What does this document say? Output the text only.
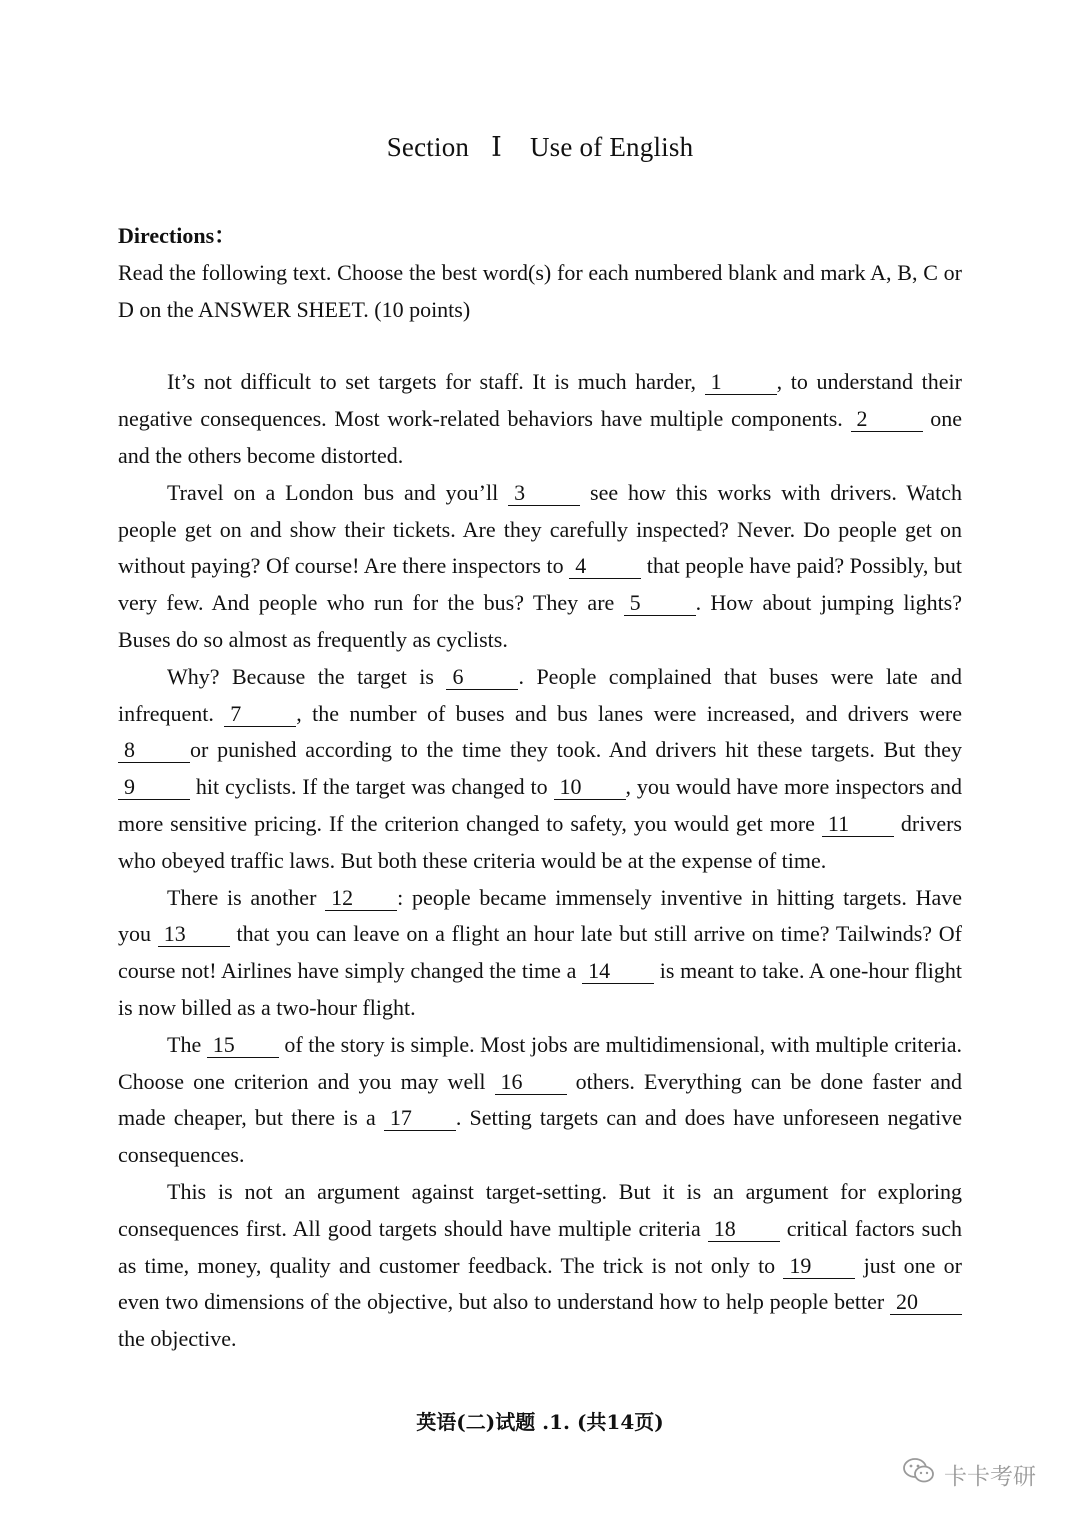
Section Ⅰ Use of English

Directions：

Read the following text. Choose the best word(s) for each numbered blank and mark A, B, C or D on the ANSWER SHEET. (10 points)

It’s not difficult to set targets for staff. It is much harder, 1	, to understand their negative consequences. Most work-related behaviors have multiple components. 2	one and the others become distorted.

Travel on a London bus and you’ll 3	see how this works with drivers. Watch people get on and show their tickets. Are they carefully inspected? Never. Do people get on without paying? Of course! Are there inspectors to 4	that people have paid? Possibly, but very few. And people who run for the bus? They are 5	. How about jumping lights? Buses do so almost as frequently as cyclists.

Why? Because the target is 6	. People complained that buses were late and infrequent. 7	, the number of buses and bus lanes were increased, and drivers were 8	or punished according to the time they took. And drivers hit these targets. But they 9	hit cyclists. If the target was changed to 10 , you would have more inspectors and more sensitive pricing. If the criterion changed to safety, you would get more 11 drivers who obeyed traffic laws. But both these criteria would be at the expense of time.

There is another 12 : people became immensely inventive in hitting targets. Have you 13 that you can leave on a flight an hour late but still arrive on time? Tailwinds? Of course not! Airlines have simply changed the time a 14 is meant to take. A one-hour flight is now billed as a two-hour flight.

The 15 of the story is simple. Most jobs are multidimensional, with multiple criteria. Choose one criterion and you may well 16 others. Everything can be done faster and made cheaper, but there is a 17 . Setting targets can and does have unforeseen negative consequences.

This is not an argument against target-setting. But it is an argument for exploring consequences first. All good targets should have multiple criteria 18 critical factors such as time, money, quality and customer feedback. The trick is not only to 19 just one or even two dimensions of the objective, but also to understand how to help people better 20 the objective.

英语(二)试题 .1. (共14页)
卡卡考研
